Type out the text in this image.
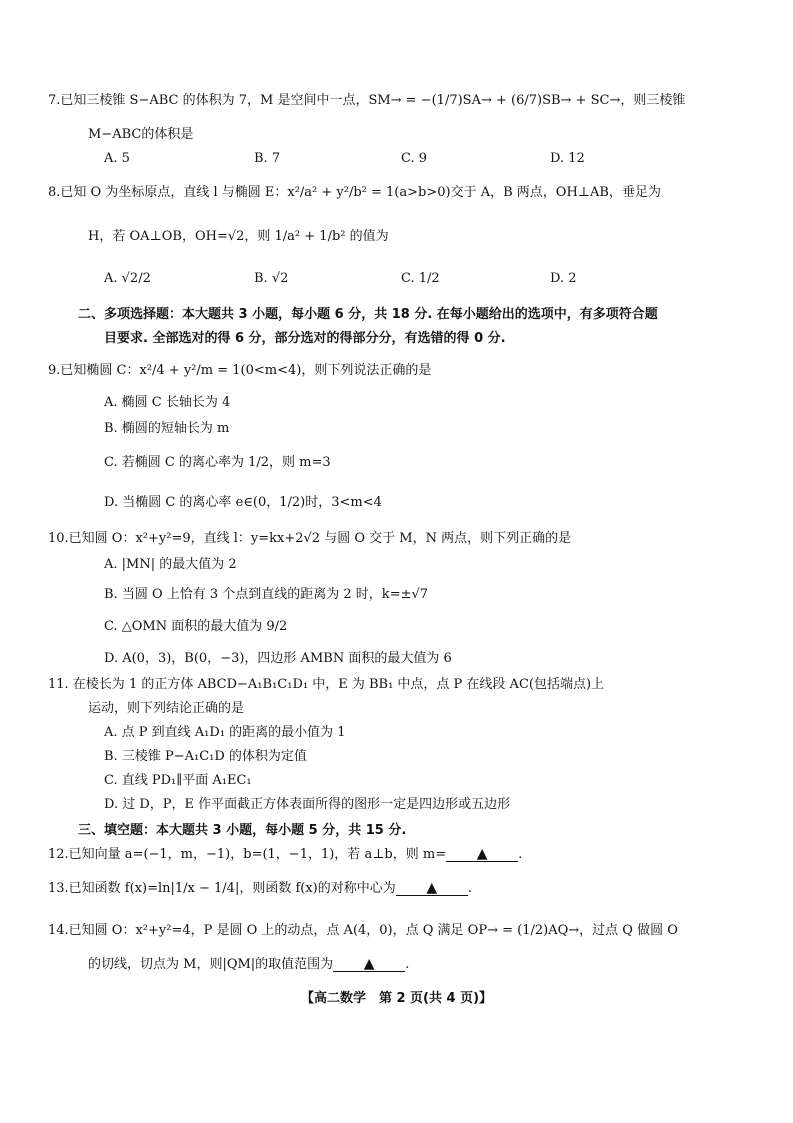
7.已知三棱锥 S−ABC 的体积为 7，M 是空间中一点，SM→ = −(1/7)SA→ + (6/7)SB→ + SC→，则三棱锥
M−ABC的体积是
A. 5	B. 7	C. 9	D. 12
8.已知 O 为坐标原点，直线 l 与椭圆 E：x²/a² + y²/b² = 1(a>b>0)交于 A，B 两点，OH⊥AB，垂足为
H，若 OA⊥OB，OH=√2，则 1/a² + 1/b² 的值为
A. √2/2	B. √2	C. 1/2	D. 2
二、多项选择题：本大题共 3 小题，每小题 6 分，共 18 分. 在每小题给出的选项中，有多项符合题
目要求. 全部选对的得 6 分，部分选对的得部分分，有选错的得 0 分.
9.已知椭圆 C：x²/4 + y²/m = 1(0<m<4)，则下列说法正确的是
A. 椭圆 C 长轴长为 4
B. 椭圆的短轴长为 m
C. 若椭圆 C 的离心率为 1/2，则 m=3
D. 当椭圆 C 的离心率 e∈(0，1/2)时，3<m<4
10.已知圆 O：x²+y²=9，直线 l：y=kx+2√2 与圆 O 交于 M，N 两点，则下列正确的是
A. |MN| 的最大值为 2
B. 当圆 O 上恰有 3 个点到直线的距离为 2 时，k=±√7
C. △OMN 面积的最大值为 9/2
D. A(0，3)，B(0，−3)，四边形 AMBN 面积的最大值为 6
11. 在棱长为 1 的正方体 ABCD−A₁B₁C₁D₁ 中，E 为 BB₁ 中点，点 P 在线段 AC(包括端点)上
运动，则下列结论正确的是
A. 点 P 到直线 A₁D₁ 的距离的最小值为 1
B. 三棱锥 P−A₁C₁D 的体积为定值
C. 直线 PD₁∥平面 A₁EC₁
D. 过 D，P，E 作平面截正方体表面所得的图形一定是四边形或五边形
三、填空题：本大题共 3 小题，每小题 5 分，共 15 分.
12.已知向量 a=(−1，m，−1)，b=(1，−1，1)，若 a⊥b，则 m= ▲ .
13.已知函数 f(x)=ln|1/x − 1/4|，则函数 f(x)的对称中心为 ▲ .
14.已知圆 O：x²+y²=4，P 是圆 O 上的动点，点 A(4，0)，点 Q 满足 OP→ = (1/2)AQ→，过点 Q 做圆 O
的切线，切点为 M，则|QM|的取值范围为 ▲ .
【高二数学　第 2 页(共 4 页)】
